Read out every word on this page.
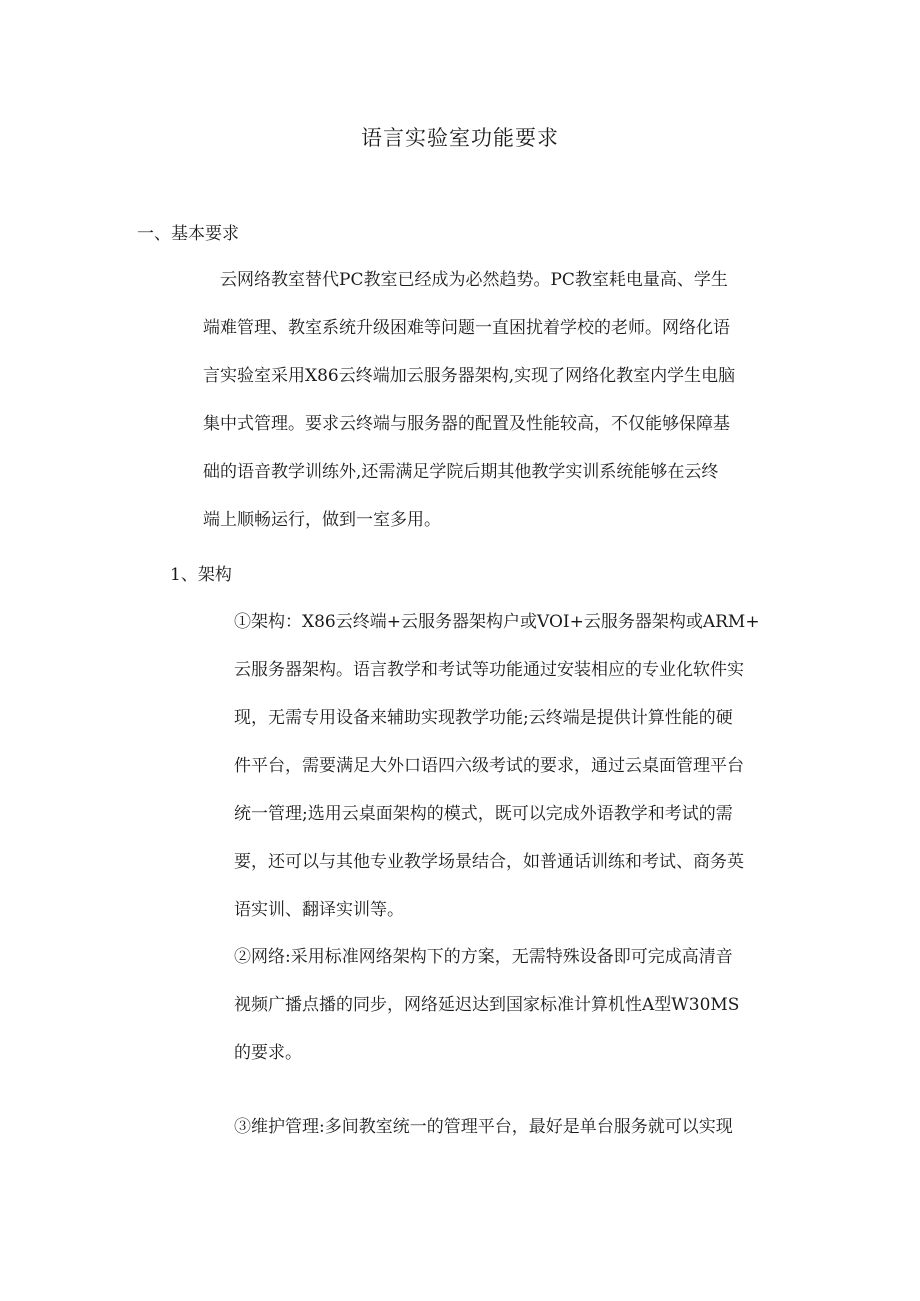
语言实验室功能要求
一、基本要求
　云网络教室替代PC教室已经成为必然趋势。PC教室耗电量高、学生
端难管理、教室系统升级困难等问题一直困扰着学校的老师。网络化语
言实验室采用X86云终端加云服务器架构,实现了网络化教室内学生电脑
集中式管理。要求云终端与服务器的配置及性能较高，不仅能够保障基
础的语音教学训练外,还需满足学院后期其他教学实训系统能够在云终
端上顺畅运行，做到一室多用。
1、架构
①架构：X86云终端+云服务器架构户或VOI+云服务器架构或ARM+
云服务器架构。语言教学和考试等功能通过安装相应的专业化软件实
现，无需专用设备来辅助实现教学功能;云终端是提供计算性能的硬
件平台，需要满足大外口语四六级考试的要求，通过云桌面管理平台
统一管理;选用云桌面架构的模式，既可以完成外语教学和考试的需
要，还可以与其他专业教学场景结合，如普通话训练和考试、商务英
语实训、翻译实训等。
②网络:采用标准网络架构下的方案，无需特殊设备即可完成高清音
视频广播点播的同步，网络延迟达到国家标准计算机性A型W30MS
的要求。
③维护管理:多间教室统一的管理平台，最好是单台服务就可以实现
